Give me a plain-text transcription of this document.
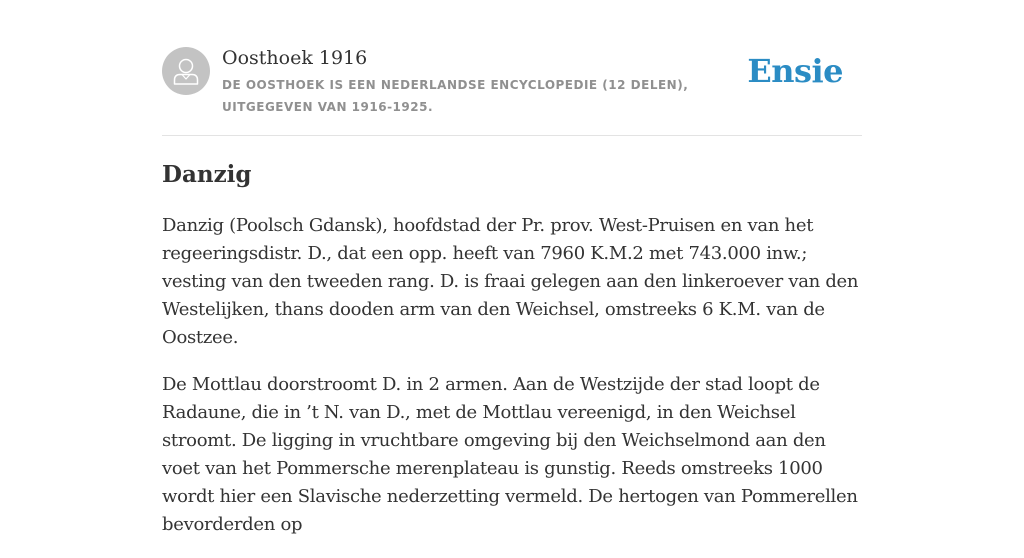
Oosthoek 1916
DE OOSTHOEK IS EEN NEDERLANDSE ENCYCLOPEDIE (12 DELEN), UITGEGEVEN VAN 1916-1925.
Ensie
Danzig

Danzig (Poolsch Gdansk), hoofdstad der Pr. prov. West-Pruisen en van het regeeringsdistr. D., dat een opp. heeft van 7960 K.M.2 met 743.000 inw.; vesting van den tweeden rang. D. is fraai gelegen aan den linkeroever van den Westelijken, thans dooden arm van den Weichsel, omstreeks 6 K.M. van de Oostzee.

De Mottlau doorstroomt D. in 2 armen. Aan de Westzijde der stad loopt de Radaune, die in ’t N. van D., met de Mottlau vereenigd, in den Weichsel stroomt. De ligging in vruchtbare omgeving bij den Weichselmond aan den voet van het Pommersche merenplateau is gunstig. Reeds omstreeks 1000 wordt hier een Slavische nederzetting vermeld. De hertogen van Pommerellen bevorderden op
